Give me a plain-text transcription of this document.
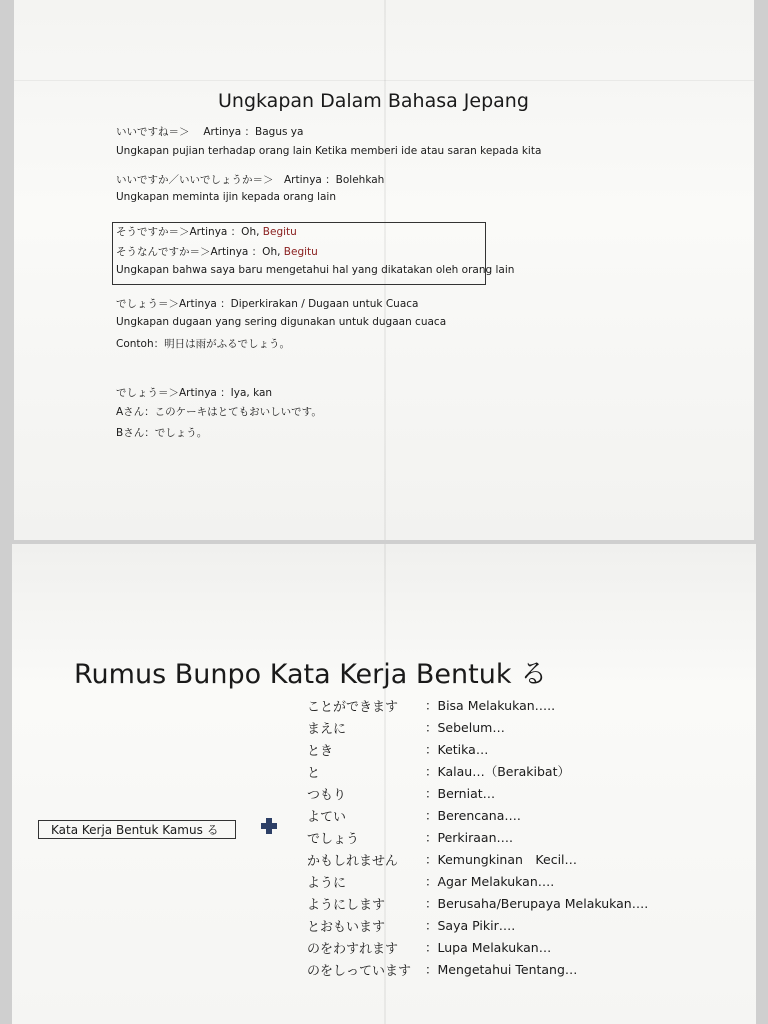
Ungkapan Dalam Bahasa Jepang
いいですね＝＞　 Artinya ：Bagus ya
Ungkapan pujian terhadap orang lain Ketika memberi ide atau saran kepada kita
いいですか／いいでしょうか＝＞　Artinya ：Bolehkah
Ungkapan meminta ijin kepada orang lain
そうですか＝＞Artinya ：Oh, Begitu
そうなんですか＝＞Artinya ：Oh, Begitu
Ungkapan bahwa saya baru mengetahui hal yang dikatakan oleh orang lain
でしょう＝＞Artinya ：Diperkirakan / Dugaan untuk Cuaca
Ungkapan dugaan yang sering digunakan untuk dugaan cuaca
Contoh：明日は雨がふるでしょう。
でしょう＝＞Artinya ：Iya, kan
Aさん：このケーキはとてもおいしいです。
Bさん：でしょう。
Rumus Bunpo Kata Kerja Bentuk る
Kata Kerja Bentuk Kamus る
ことができます ：Bisa Melakukan…..
まえに	：Sebelum…
とき	：Ketika…
と	：Kalau…（Berakibat）
つもり	：Berniat…
よてい	：Berencana….
でしょう	：Perkiraan….
かもしれません ：Kemungkinan　Kecil…
ように	：Agar Melakukan….
ようにします	：Berusaha/Berupaya Melakukan….
とおもいます	：Saya Pikir….
のをわすれます ：Lupa Melakukan…
のをしっています ：Mengetahui Tentang…
